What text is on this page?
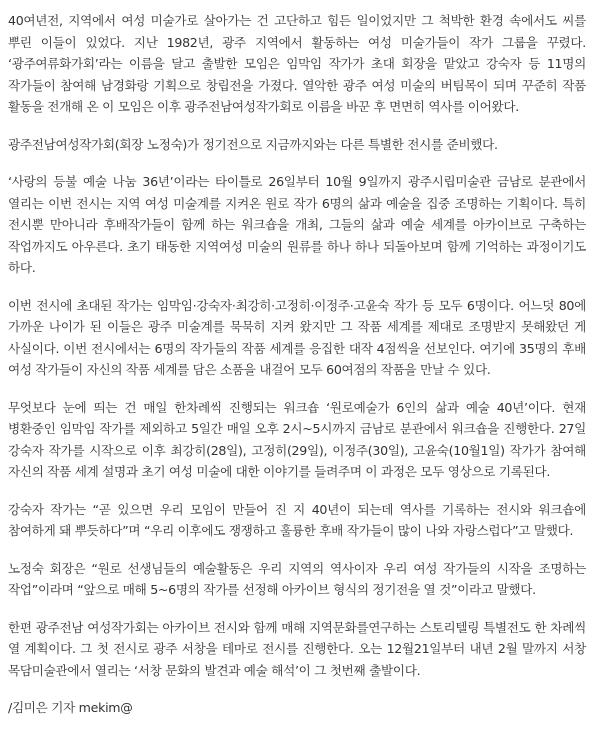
40여년전, 지역에서 여성 미술가로 살아가는 건 고단하고 힘든 일이었지만 그 척박한 환경 속에서도 씨를 뿌린 이들이 있었다. 지난 1982년, 광주 지역에서 활동하는 여성 미술가들이 작가 그룹을 꾸렸다. ‘광주여류화가회’라는 이름을 달고 출발한 모임은 임막임 작가가 초대 회장을 맡았고 강숙자 등 11명의 작가들이 참여해 남경화랑 기획으로 창립전을 가졌다. 열악한 광주 여성 미술의 버팀목이 되며 꾸준히 작품 활동을 전개해 온 이 모임은 이후 광주전남여성작가회로 이름을 바꾼 후 면면히 역사를 이어왔다.

광주전남여성작가회(회장 노정숙)가 정기전으로 지금까지와는 다른 특별한 전시를 준비했다.

‘사랑의 등불 예술 나눔 36년’이라는 타이틀로 26일부터 10월 9일까지 광주시립미술관 금남로 분관에서 열리는 이번 전시는 지역 여성 미술계를 지켜온 원로 작가 6명의 삶과 예술을 집중 조명하는 기획이다. 특히 전시뿐 만아니라 후배작가들이 함께 하는 워크숍을 개최, 그들의 삶과 예술 세계를 아카이브로 구축하는 작업까지도 아우른다. 초기 태동한 지역여성 미술의 원류를 하나 하나 되돌아보며 함께 기억하는 과정이기도 하다.

이번 전시에 초대된 작가는 임막임·강숙자·최강히·고정히·이정주·고윤숙 작가 등 모두 6명이다. 어느덧 80에 가까운 나이가 된 이들은 광주 미술계를 묵묵히 지켜 왔지만 그 작품 세계를 제대로 조명받지 못해왔던 게 사실이다. 이번 전시에서는 6명의 작가들의 작품 세계를 응집한 대작 4점씩을 선보인다. 여기에 35명의 후배 여성 작가들이 자신의 작품 세계를 담은 소품을 내걸어 모두 60여점의 작품을 만날 수 있다.

무엇보다 눈에 띄는 건 매일 한차례씩 진행되는 워크숍 ‘원로예술가 6인의 삶과 예술 40년’이다. 현재 병환중인 임막임 작가를 제외하고 5일간 매일 오후 2시~5시까지 금남로 분관에서 워크숍을 진행한다. 27일 강숙자 작가를 시작으로 이후 최강히(28일), 고정히(29일), 이정주(30일), 고윤숙(10월1일) 작가가 참여해 자신의 작품 세계 설명과 초기 여성 미술에 대한 이야기를 들려주며 이 과정은 모두 영상으로 기록된다.

강숙자 작가는 “곧 있으면 우리 모임이 만들어 진 지 40년이 되는데 역사를 기록하는 전시와 워크숍에 참여하게 돼 뿌듯하다”며 “우리 이후에도 쟁쟁하고 훌륭한 후배 작가들이 많이 나와 자랑스럽다”고 말했다.

노정숙 회장은 “원로 선생님들의 예술활동은 우리 지역의 역사이자 우리 여성 작가들의 시작을 조명하는 작업”이라며 “앞으로 매해 5~6명의 작가를 선정해 아카이브 형식의 정기전을 열 것”이라고 말했다.

한편 광주전남 여성작가회는 아카이브 전시와 함께 매해 지역문화를연구하는 스토리텔링 특별전도 한 차례씩 열 계획이다. 그 첫 전시로 광주 서창을 테마로 전시를 진행한다. 오는 12월21일부터 내년 2월 말까지 서창 목담미술관에서 열리는 ‘서창 문화의 발견과 예술 해석’이 그 첫번째 출발이다.

/김미은 기자 mekim@
